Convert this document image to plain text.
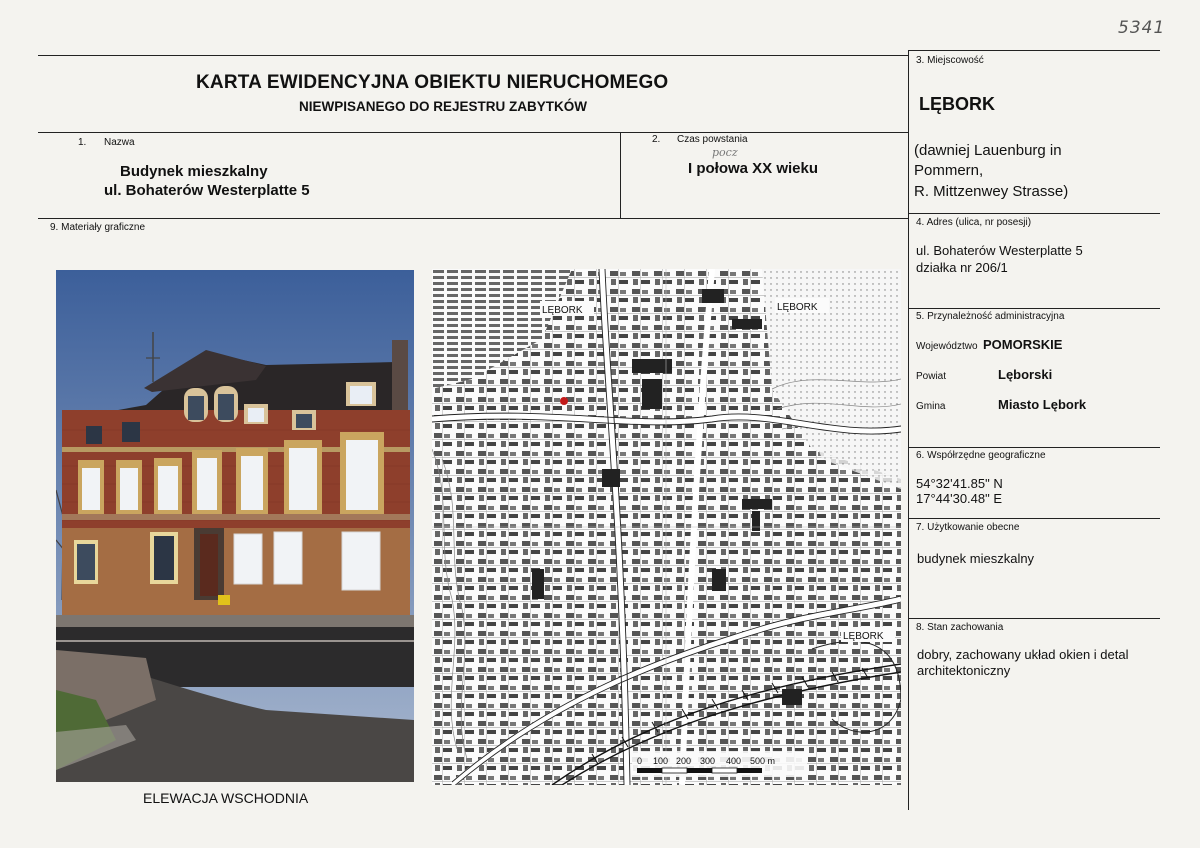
5341
KARTA EWIDENCYJNA OBIEKTU NIERUCHOMEGO
NIEWPISANEGO DO REJESTRU ZABYTKÓW
1. Nazwa
Budynek mieszkalny
ul. Bohaterów Westerplatte 5
2. Czas powstania
pocz
I połowa XX wieku
3. Miejscowość
LĘBORK
(dawniej Lauenburg in
Pommern,
R. Mittzenwey Strasse)
4. Adres (ulica, nr posesji)
ul. Bohaterów Westerplatte 5
działka nr 206/1
5. Przynależność administracyjna
Województwo POMORSKIE
Powiat	Lęborski
Gmina	Miasto Lębork
6. Współrzędne geograficzne
54°32'41.85" N
17°44'30.48" E
7. Użytkowanie obecne
budynek mieszkalny
8. Stan zachowania
dobry, zachowany układ okien i detal
architektoniczny
9. Materiały graficzne
ELEWACJA WSCHODNIA
LĘBORK	LĘBORK
LĘBORK
0 100 200 300 400 500 m
